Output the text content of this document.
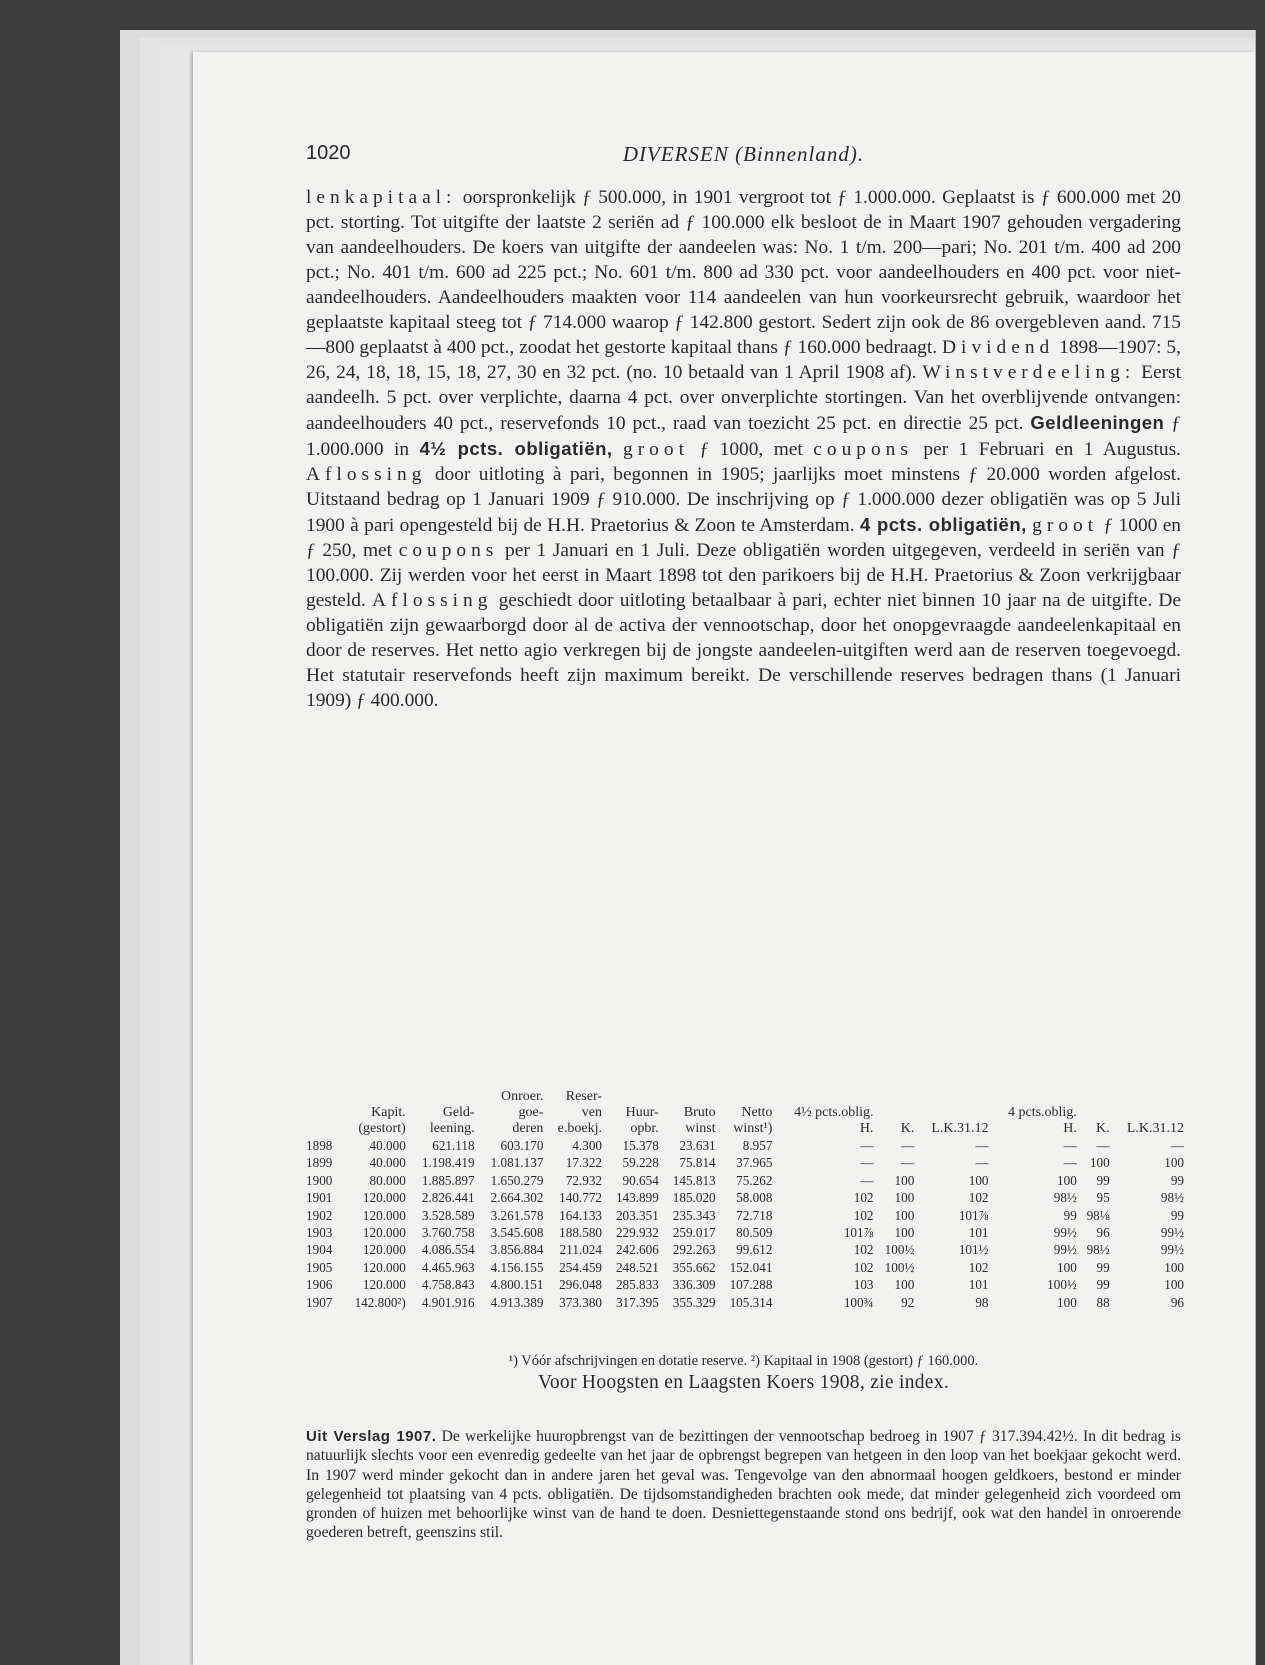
1020	DIVERSEN (Binnenland).

lenkapitaal: oorspronkelijk ƒ 500.000, in 1901 vergroot tot ƒ 1.000.000. Geplaatst is ƒ 600.000 met 20 pct. storting. Tot uitgifte der laatste 2 seriën ad ƒ 100.000 elk besloot de in Maart 1907 gehouden vergadering van aandeelhouders. De koers van uitgifte der aandeelen was: No. 1 t/m. 200—pari; No. 201 t/m. 400 ad 200 pct.; No. 401 t/m. 600 ad 225 pct.; No. 601 t/m. 800 ad 330 pct. voor aandeelhouders en 400 pct. voor niet-aandeelhouders. Aandeelhouders maakten voor 114 aandeelen van hun voorkeursrecht gebruik, waardoor het geplaatste kapitaal steeg tot ƒ 714.000 waarop ƒ 142.800 gestort. Sedert zijn ook de 86 overgebleven aand. 715—800 geplaatst à 400 pct., zoodat het gestorte kapitaal thans ƒ 160.000 bedraagt. Dividend 1898—1907: 5, 26, 24, 18, 18, 15, 18, 27, 30 en 32 pct. (no. 10 betaald van 1 April 1908 af). Winstverdeeling: Eerst aandeelh. 5 pct. over verplichte, daarna 4 pct. over onverplichte stortingen. Van het overblijvende ontvangen: aandeelhouders 40 pct., reservefonds 10 pct., raad van toezicht 25 pct. en directie 25 pct. Geldleeningen ƒ 1.000.000 in 4½ pcts. obligatiën, groot ƒ 1000, met coupons per 1 Februari en 1 Augustus. Aflossing door uitloting à pari, begonnen in 1905; jaarlijks moet minstens ƒ 20.000 worden afgelost. Uitstaand bedrag op 1 Januari 1909 ƒ 910.000. De inschrijving op ƒ 1.000.000 dezer obligatiën was op 5 Juli 1900 à pari opengesteld bij de H.H. Praetorius & Zoon te Amsterdam. 4 pcts. obligatiën, groot ƒ 1000 en ƒ 250, met coupons per 1 Januari en 1 Juli. Deze obligatiën worden uitgegeven, verdeeld in seriën van ƒ 100.000. Zij werden voor het eerst in Maart 1898 tot den parikoers bij de H.H. Praetorius & Zoon verkrijgbaar gesteld. Aflossing geschiedt door uitloting betaalbaar à pari, echter niet binnen 10 jaar na de uitgifte. De obligatiën zijn gewaarborgd door al de activa der vennootschap, door het onopgevraagde aandeelenkapitaal en door de reserves. Het netto agio verkregen bij de jongste aandeelen-uitgiften werd aan de reserven toegevoegd. Het statutair reservefonds heeft zijn maximum bereikt. De verschillende reserves bedragen thans (1 Januari 1909) ƒ 400.000.

			Onroer.	Reser-									
	Kapit.	Geld-	goe-	ven	Huur-	Bruto	Netto	4½ pcts.oblig.			4 pcts.oblig.		
	(gestort)	leening.	deren	e.boekj.	opbr.	winst	winst¹)	H.	K.	L.K.31.12	H.	K.	L.K.31.12
1898	40.000	621.118	603.170	4.300	15.378	23.631	8.957	—	—	—	—	—	—
1899	40.000	1.198.419	1.081.137	17.322	59.228	75.814	37.965	—	—	—	—	100	100
1900	80.000	1.885.897	1.650.279	72.932	90.654	145.813	75.262	—	100	100	100	99	99
1901	120.000	2.826.441	2.664.302	140.772	143.899	185.020	58.008	102	100	102	98½	95	98½
1902	120.000	3.528.589	3.261.578	164.133	203.351	235.343	72.718	102	100	101⅞	99	98⅛	99
1903	120.000	3.760.758	3.545.608	188.580	229.932	259.017	80.509	101⅞	100	101	99½	96	99½
1904	120.000	4.086.554	3.856.884	211.024	242.606	292.263	99.612	102	100½	101½	99½	98½	99½
1905	120.000	4.465.963	4.156.155	254.459	248.521	355.662	152.041	102	100½	102	100	99	100
1906	120.000	4.758.843	4.800.151	296.048	285.833	336.309	107.288	103	100	101	100½	99	100
1907	142.800²)	4.901.916	4.913.389	373.380	317.395	355.329	105.314	100¾	92	98	100	88	96
¹) Vóór afschrijvingen en dotatie reserve. ²) Kapitaal in 1908 (gestort) ƒ 160.000.
Voor Hoogsten en Laagsten Koers 1908, zie index.
Uit Verslag 1907. De werkelijke huuropbrengst van de bezittingen der vennootschap bedroeg in 1907 ƒ 317.394.42½. In dit bedrag is natuurlijk slechts voor een evenredig gedeelte van het jaar de opbrengst begrepen van hetgeen in den loop van het boekjaar gekocht werd. In 1907 werd minder gekocht dan in andere jaren het geval was. Tengevolge van den abnormaal hoogen geldkoers, bestond er minder gelegenheid tot plaatsing van 4 pcts. obligatiën. De tijdsomstandigheden brachten ook mede, dat minder gelegenheid zich voordeed om gronden of huizen met behoorlijke winst van de hand te doen. Desniettegenstaande stond ons bedrijf, ook wat den handel in onroerende goederen betreft, geenszins stil.
